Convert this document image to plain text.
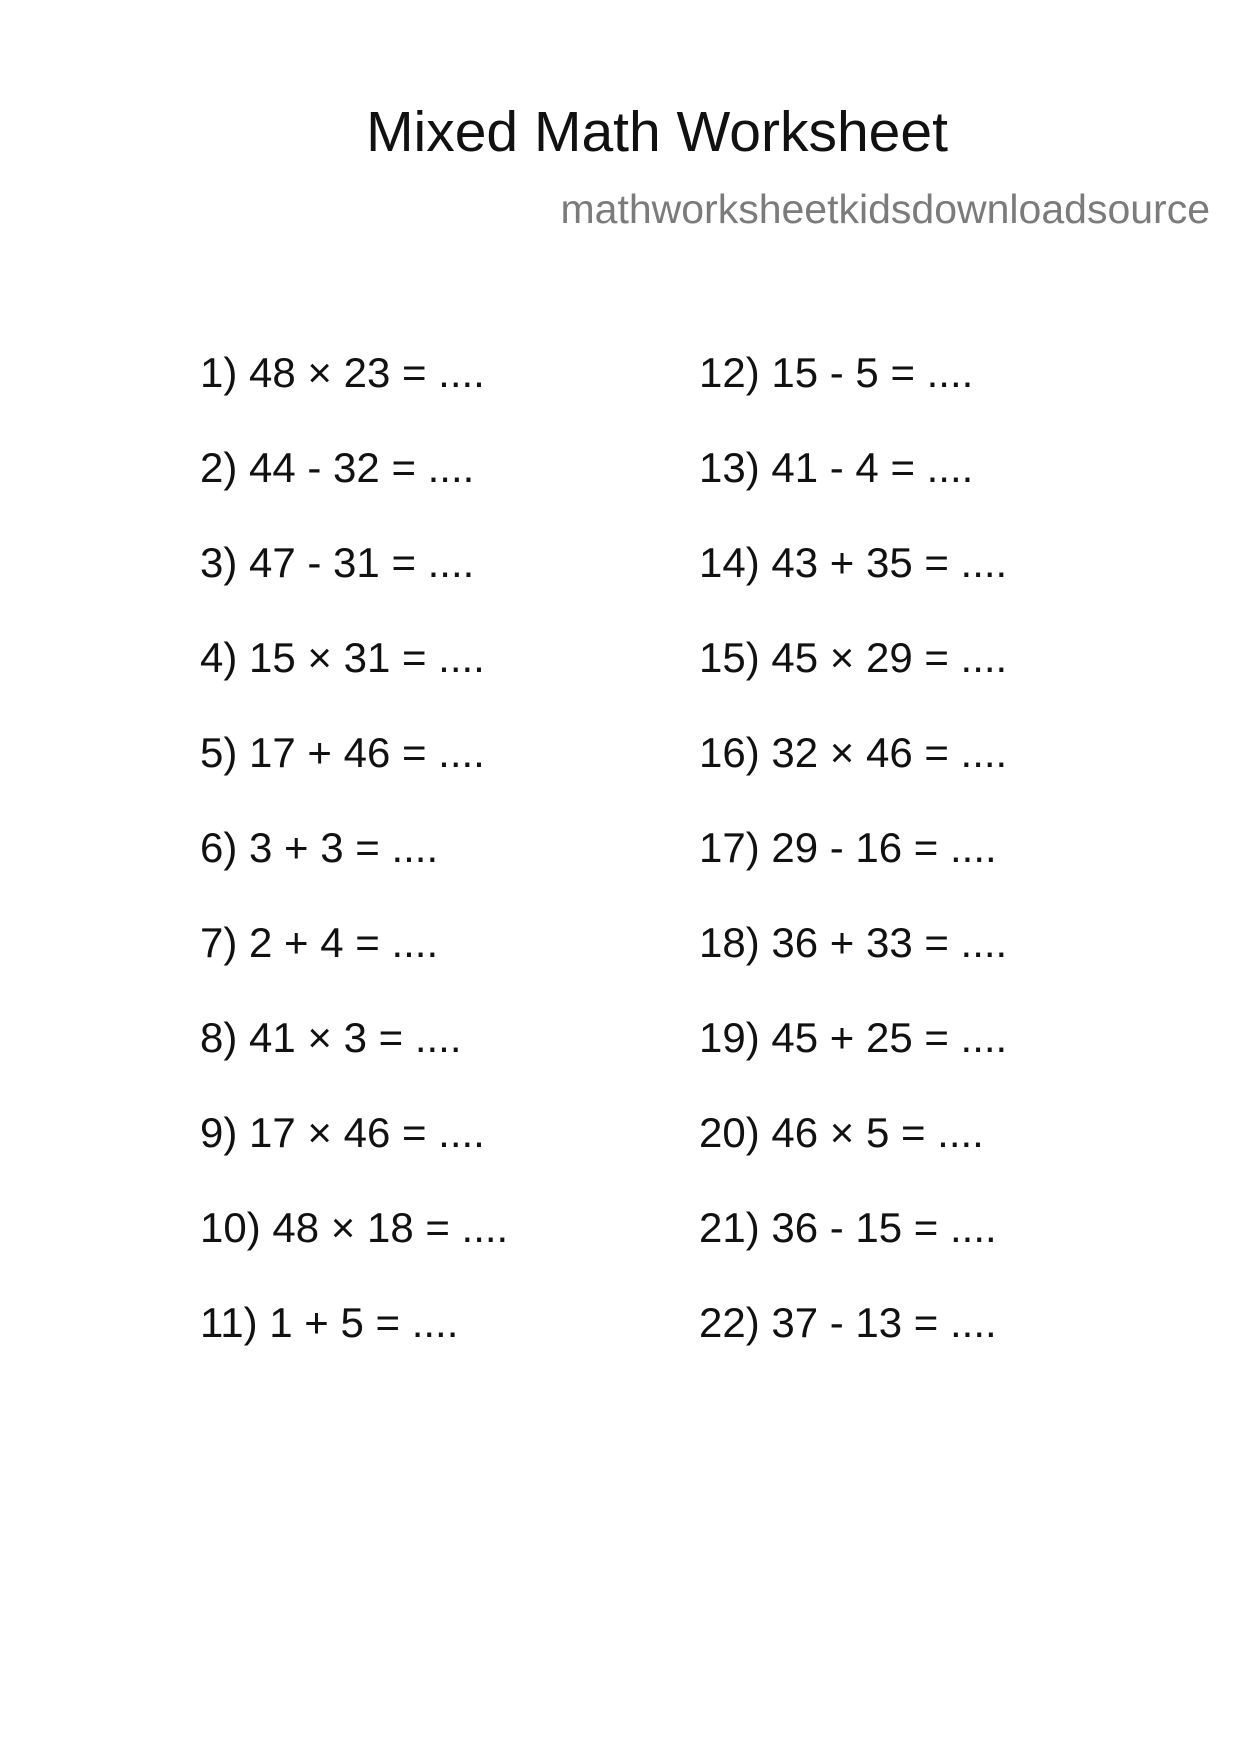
Mixed Math Worksheet
mathworksheetkidsdownloadsource
1) 48 × 23 = ....
2) 44 - 32 = ....
3) 47 - 31 = ....
4) 15 × 31 = ....
5) 17 + 46 = ....
6) 3 + 3 = ....
7) 2 + 4 = ....
8) 41 × 3 = ....
9) 17 × 46 = ....
10) 48 × 18 = ....
11) 1 + 5 = ....
12) 15 - 5 = ....
13) 41 - 4 = ....
14) 43 + 35 = ....
15) 45 × 29 = ....
16) 32 × 46 = ....
17) 29 - 16 = ....
18) 36 + 33 = ....
19) 45 + 25 = ....
20) 46 × 5 = ....
21) 36 - 15 = ....
22) 37 - 13 = ....
